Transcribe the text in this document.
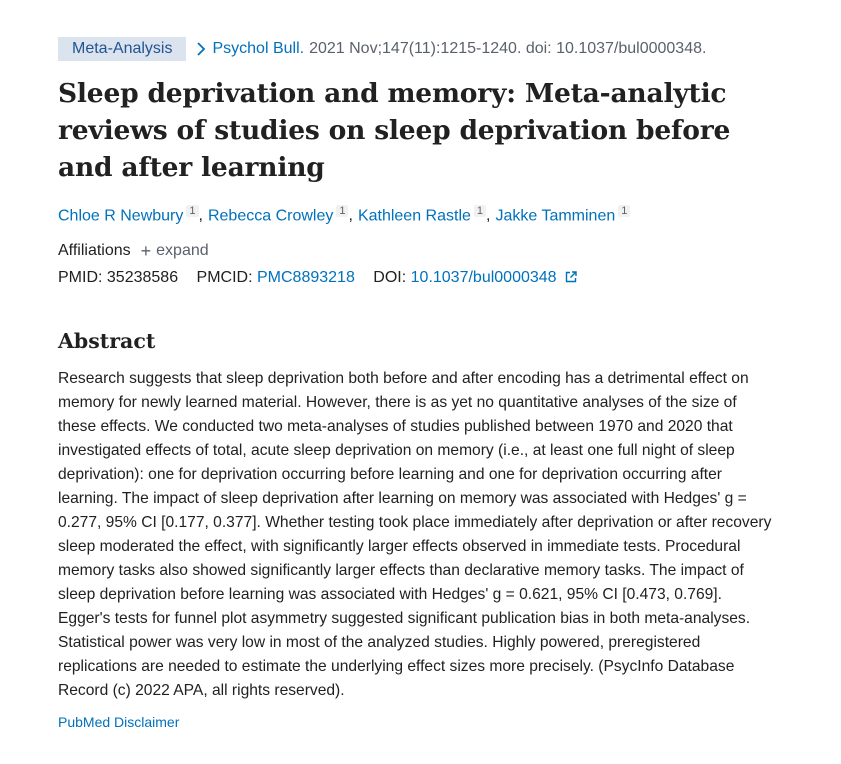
Meta-Analysis	Psychol Bull. 2021 Nov;147(11):1215-1240. doi: 10.1037/bul0000348.
Sleep deprivation and memory: Meta-analytic reviews of studies on sleep deprivation before and after learning
Chloe R Newbury $^1$ , Rebecca Crowley $^1$ , Kathleen Rastle $^1$ , Jakke Tamminen $^1$
Affiliations + expand
PMID: 35238586 PMCID: PMC8893218 DOI: 10.1037/bul0000348
Abstract
Research suggests that sleep deprivation both before and after encoding has a detrimental effect on memory for newly learned material. However, there is as yet no quantitative analyses of the size of these effects. We conducted two meta-analyses of studies published between 1970 and 2020 that investigated effects of total, acute sleep deprivation on memory (i.e., at least one full night of sleep deprivation): one for deprivation occurring before learning and one for deprivation occurring after learning. The impact of sleep deprivation after learning on memory was associated with Hedges' g = 0.277, 95% CI [0.177, 0.377]. Whether testing took place immediately after deprivation or after recovery sleep moderated the effect, with significantly larger effects observed in immediate tests. Procedural memory tasks also showed significantly larger effects than declarative memory tasks. The impact of sleep deprivation before learning was associated with Hedges' g = 0.621, 95% CI [0.473, 0.769]. Egger's tests for funnel plot asymmetry suggested significant publication bias in both meta-analyses. Statistical power was very low in most of the analyzed studies. Highly powered, preregistered replications are needed to estimate the underlying effect sizes more precisely. (PsycInfo Database Record (c) 2022 APA, all rights reserved).
PubMed Disclaimer
